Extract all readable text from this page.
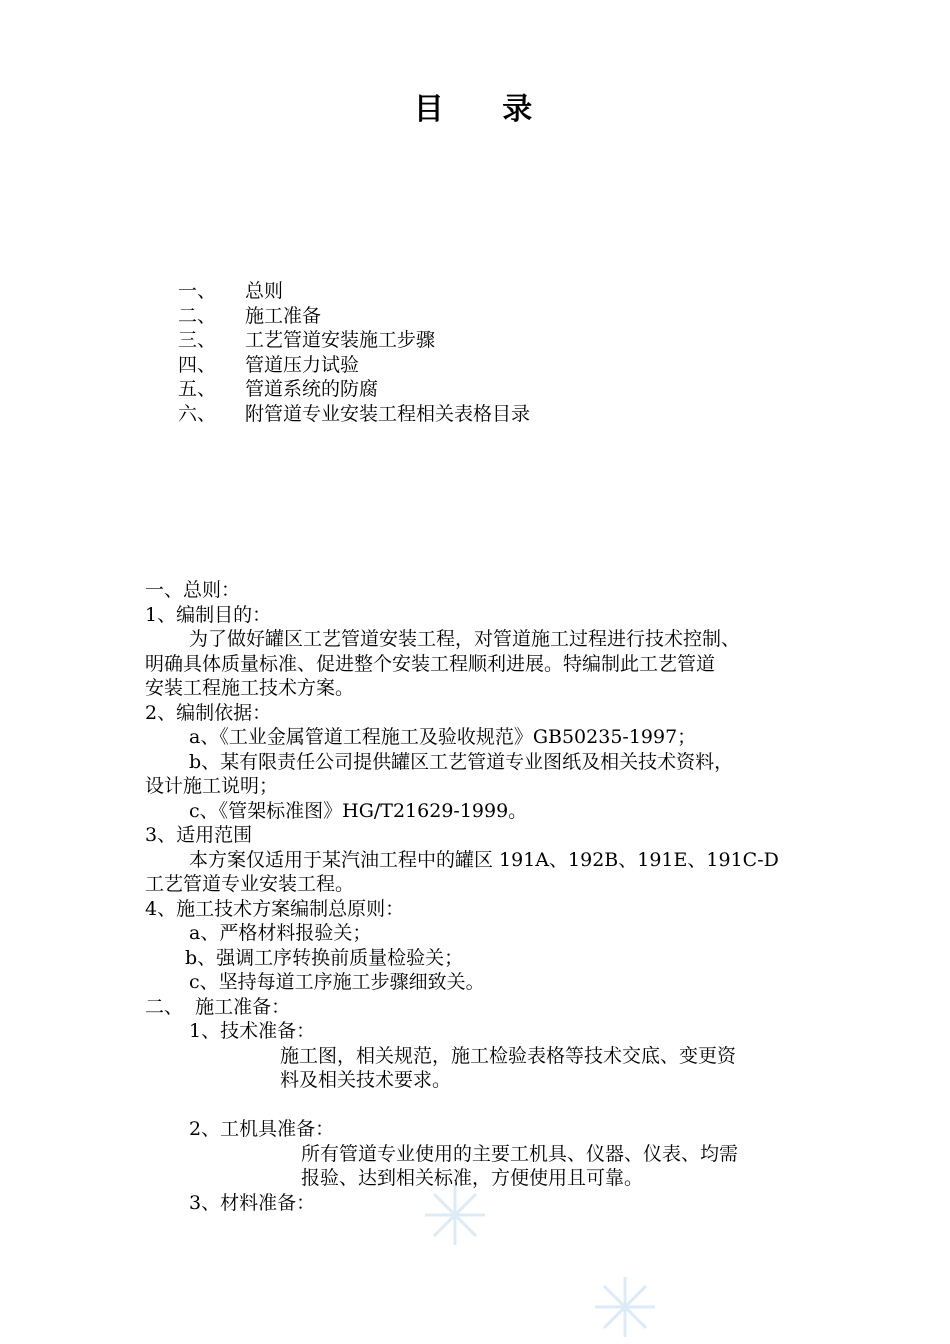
目 录
一、 总则
二、 施工准备
三、 工艺管道安装施工步骤
四、 管道压力试验
五、 管道系统的防腐
六、 附管道专业安装工程相关表格目录

一、总则：
1、编制目的：
为了做好罐区工艺管道安装工程，对管道施工过程进行技术控制、
明确具体质量标准、促进整个安装工程顺利进展。特编制此工艺管道
安装工程施工技术方案。
2、编制依据：
a、《工业金属管道工程施工及验收规范》GB50235-1997；
b、某有限责任公司提供罐区工艺管道专业图纸及相关技术资料，
设计施工说明；
c、《管架标准图》HG/T21629-1999。
3、适用范围
本方案仅适用于某汽油工程中的罐区 191A、192B、191E、191C-D
工艺管道专业安装工程。
4、施工技术方案编制总原则：
a、严格材料报验关；
b、强调工序转换前质量检验关；
c、坚持每道工序施工步骤细致关。
二、  施工准备：
1、技术准备：
施工图，相关规范，施工检验表格等技术交底、变更资
料及相关技术要求。
2、工机具准备：
所有管道专业使用的主要工机具、仪器、仪表、均需
报验、达到相关标准，方便使用且可靠。
3、材料准备：
